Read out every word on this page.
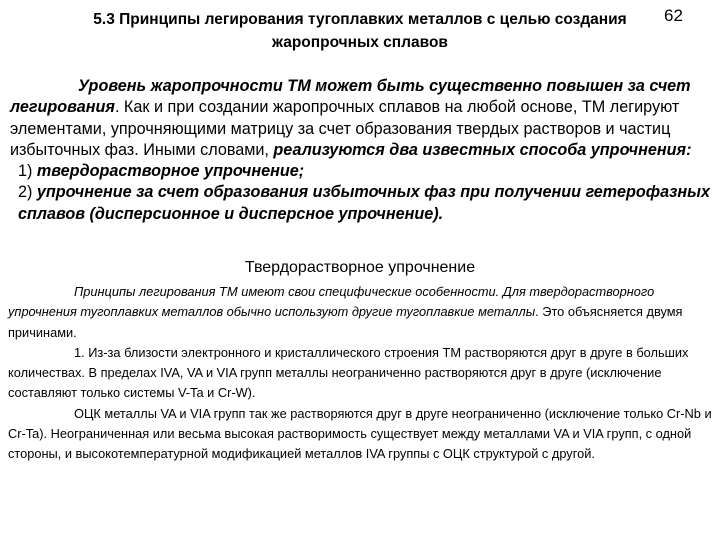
5.3 Принципы легирования тугоплавких металлов с целью создания
жаропрочных сплавов
62

Уровень жаропрочности ТМ может быть существенно повышен за счет легирования. Как и при создании жаропрочных сплавов на любой основе, ТМ легируют элементами, упрочняющими матрицу за счет образования твердых растворов и частиц избыточных фаз. Иными словами, реализуются два известных способа упрочнения:

1) твердорастворное упрочнение;

2) упрочнение за счет образования избыточных фаз при получении гетерофазных сплавов (дисперсионное и дисперсное упрочнение).

Твердорастворное упрочнение

Принципы легирования ТМ имеют свои специфические особенности. Для твердорастворного упрочнения тугоплавких металлов обычно используют другие тугоплавкие металлы. Это объясняется двумя причинами.

1. Из-за близости электронного и кристаллического строения ТМ растворяются друг в друге в больших количествах. В пределах IVA, VA и VIA групп металлы неограниченно растворяются друг в друге (исключение составляют только системы V-Ta и Cr-W).

ОЦК металлы VA и VIA групп так же растворяются друг в друге неограниченно (исключение только Cr-Nb и Cr-Ta). Неограниченная или весьма высокая растворимость существует между металлами VA и VIA групп, с одной стороны, и высокотемпературной модификацией металлов IVA группы с ОЦК структурой с другой.
